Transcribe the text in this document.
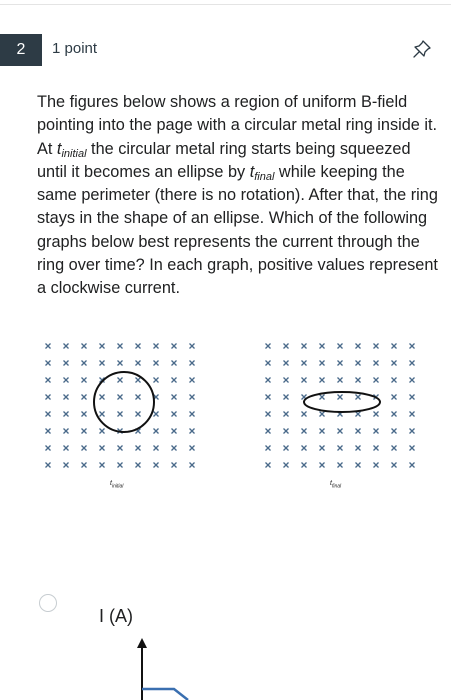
2	1 point

The figures below shows a region of uniform B-field pointing into the page with a circular metal ring inside it. At $t_{initial}$ the circular metal ring starts being squeezed until it becomes an ellipse by $t_{final}$ while keeping the same perimeter (there is no rotation). After that, the ring stays in the shape of an ellipse. Which of the following graphs below best represents the current through the ring over time? In each graph, positive values represent a clockwise current.

$t_{initial}$	$t_{final}$
I (A)
